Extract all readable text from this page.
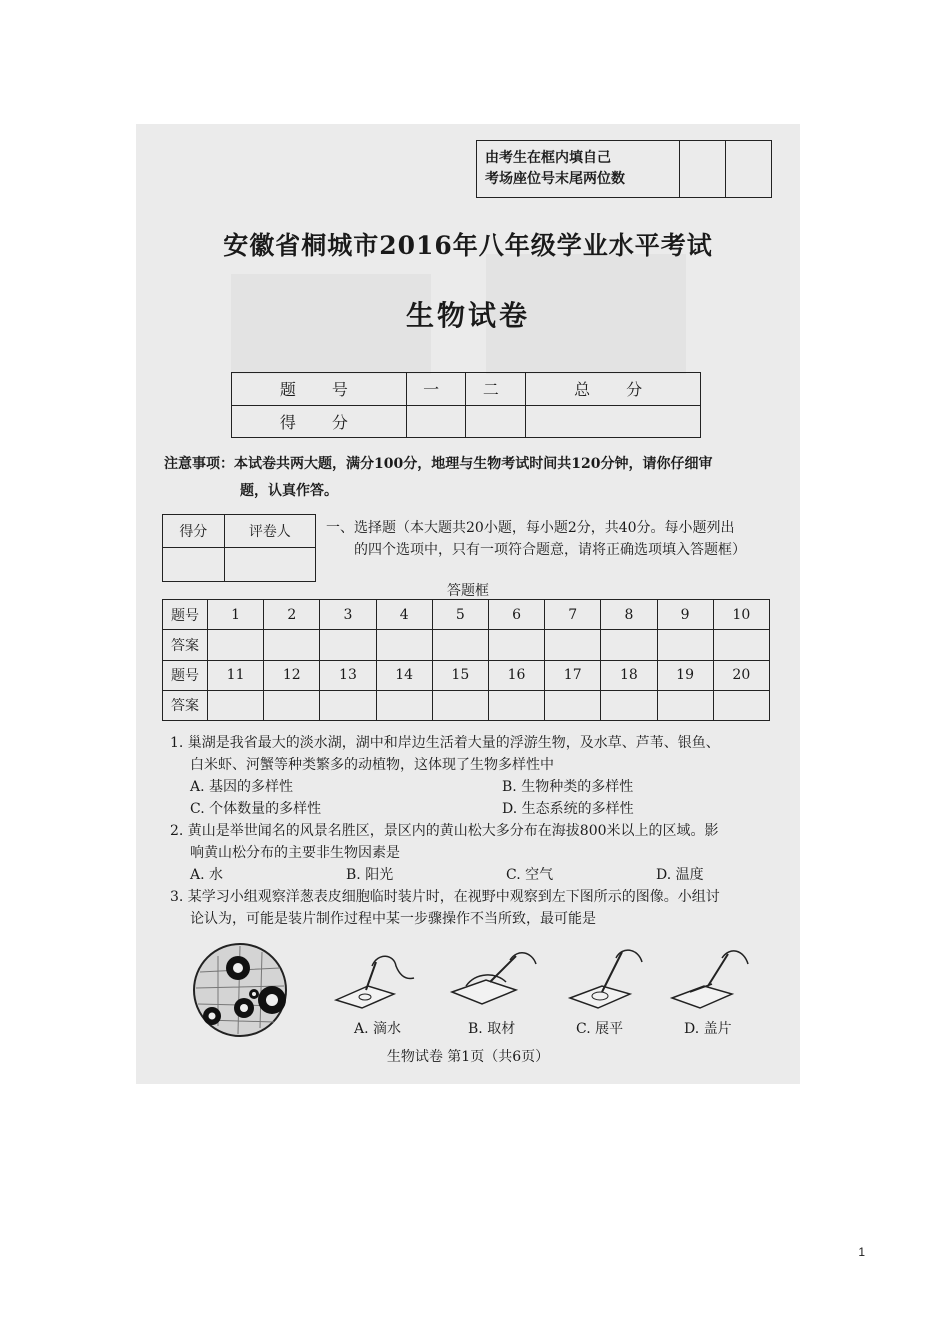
由考生在框内填自己
考场座位号末尾两位数

安徽省桐城市2016年八年级学业水平考试
生物试卷
题　号	一	二	总　分
得　分			
注意事项：本试卷共两大题，满分100分，地理与生物考试时间共120分钟，请你仔细审
题，认真作答。
得分	评卷人
		一、选择题（本大题共20小题，每小题2分，共40分。每小题列出
的四个选项中，只有一项符合题意，请将正确选项填入答题框）
答题框
题号	1	2	3	4	5	6	7	8	9	10
答案										
题号	11	12	13	14	15	16	17	18	19	20
答案										
1. 巢湖是我省最大的淡水湖，湖中和岸边生活着大量的浮游生物，及水草、芦苇、银鱼、
白米虾、河蟹等种类繁多的动植物，这体现了生物多样性中
A. 基因的多样性	B. 生物种类的多样性
C. 个体数量的多样性	D. 生态系统的多样性
2. 黄山是举世闻名的风景名胜区，景区内的黄山松大多分布在海拔800米以上的区域。影
响黄山松分布的主要非生物因素是
A. 水	B. 阳光	C. 空气	D. 温度
3. 某学习小组观察洋葱表皮细胞临时装片时，在视野中观察到左下图所示的图像。小组讨
论认为，可能是装片制作过程中某一步骤操作不当所致，最可能是
A. 滴水	B. 取材	C. 展平	D. 盖片
生物试卷 第1页（共6页）
1
